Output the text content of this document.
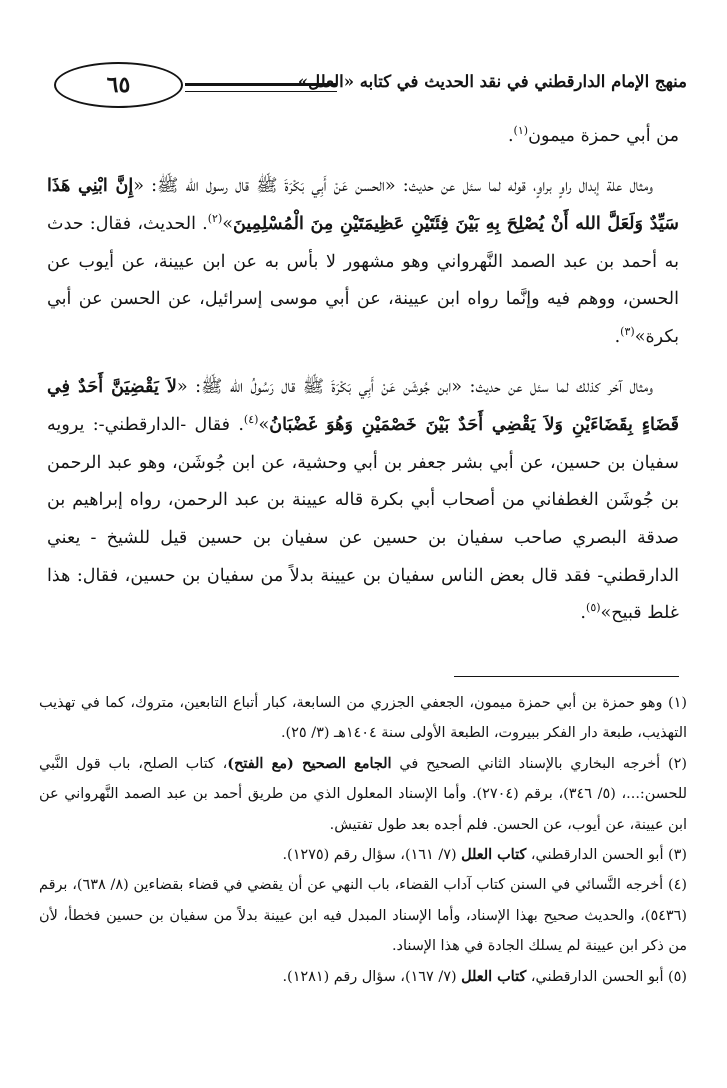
منهج الإمام الدارقطني في نقد الحديث في كتابه «العلل»
٦٥

من أبي حمزة ميمون$^{(١)}$.

ومثال علة إبدال راوٍ براوٍ، قوله لما سئل عن حديث: «الحسن عَنْ أَبِي بَكْرَةَ ﷺ قال رسول الله ﷺ: «إِنَّ ابْنِي هَذَا سَيِّدٌ وَلَعَلَّ الله أَنْ يُصْلِحَ بِهِ بَيْنَ فِئَتَيْنِ عَظِيمَتَيْنِ مِنَ الْمُسْلِمِينَ»$^{(٢)}$. الحديث، فقال: حدث به أحمد بن عبد الصمد النَّهرواني وهو مشهور لا بأس به عن ابن عيينة، عن أيوب عن الحسن، ووهم فيه وإنَّما رواه ابن عيينة، عن أبي موسى إسرائيل، عن الحسن عن أبي بكرة»$^{(٣)}$.

ومثال آخر كذلك لما سئل عن حديث: «ابن جُوشَن عَنْ أَبِي بَكْرَةَ ﷺ قال رَسُولُ الله ﷺ: «لاَ يَقْضِيَنَّ أَحَدٌ فِي قَضَاءٍ بِقَضَاءَيْنِ وَلاَ يَقْضِي أَحَدٌ بَيْنَ خَصْمَيْنِ وَهُوَ غَضْبَانُ»$^{(٤)}$. فقال -الدارقطني-: يرويه سفيان بن حسين، عن أبي بشر جعفر بن أبي وحشية، عن ابن جُوشَن، وهو عبد الرحمن بن جُوشَن الغطفاني من أصحاب أبي بكرة قاله عيينة بن عبد الرحمن، رواه إبراهيم بن صدقة البصري صاحب سفيان بن حسين عن سفيان بن حسين قيل للشيخ - يعني الدارقطني- فقد قال بعض الناس سفيان بن عيينة بدلاً من سفيان بن حسين، فقال: هذا غلط قبيح»$^{(٥)}$.

(١) وهو حمزة بن أبي حمزة ميمون، الجعفي الجزري من السابعة، كبار أتباع التابعين، متروك، كما في تهذيب التهذيب، طبعة دار الفكر ببيروت، الطبعة الأولى سنة ١٤٠٤هـ (٣/ ٢٥).

(٢) أخرجه البخاري بالإسناد الثاني الصحيح في الجامع الصحيح (مع الفتح)، كتاب الصلح، باب قول النَّبي للحسن:...، (٥/ ٣٤٦)، برقم (٢٧٠٤). وأما الإسناد المعلول الذي من طريق أحمد بن عبد الصمد النَّهرواني عن ابن عيينة، عن أيوب، عن الحسن. فلم أجده بعد طول تفتيش.

(٣) أبو الحسن الدارقطني، كتاب العلل (٧/ ١٦١)، سؤال رقم (١٢٧٥).

(٤) أخرجه النَّسائي في السنن كتاب آداب القضاء، باب النهي عن أن يقضي في قضاء بقضاءين (٨/ ٦٣٨)، برقم (٥٤٣٦)، والحديث صحيح بهذا الإسناد، وأما الإسناد المبدل فيه ابن عيينة بدلاً من سفيان بن حسين فخطأ، لأن من ذكر ابن عيينة لم يسلك الجادة في هذا الإسناد.

(٥) أبو الحسن الدارقطني، كتاب العلل (٧/ ١٦٧)، سؤال رقم (١٢٨١).
